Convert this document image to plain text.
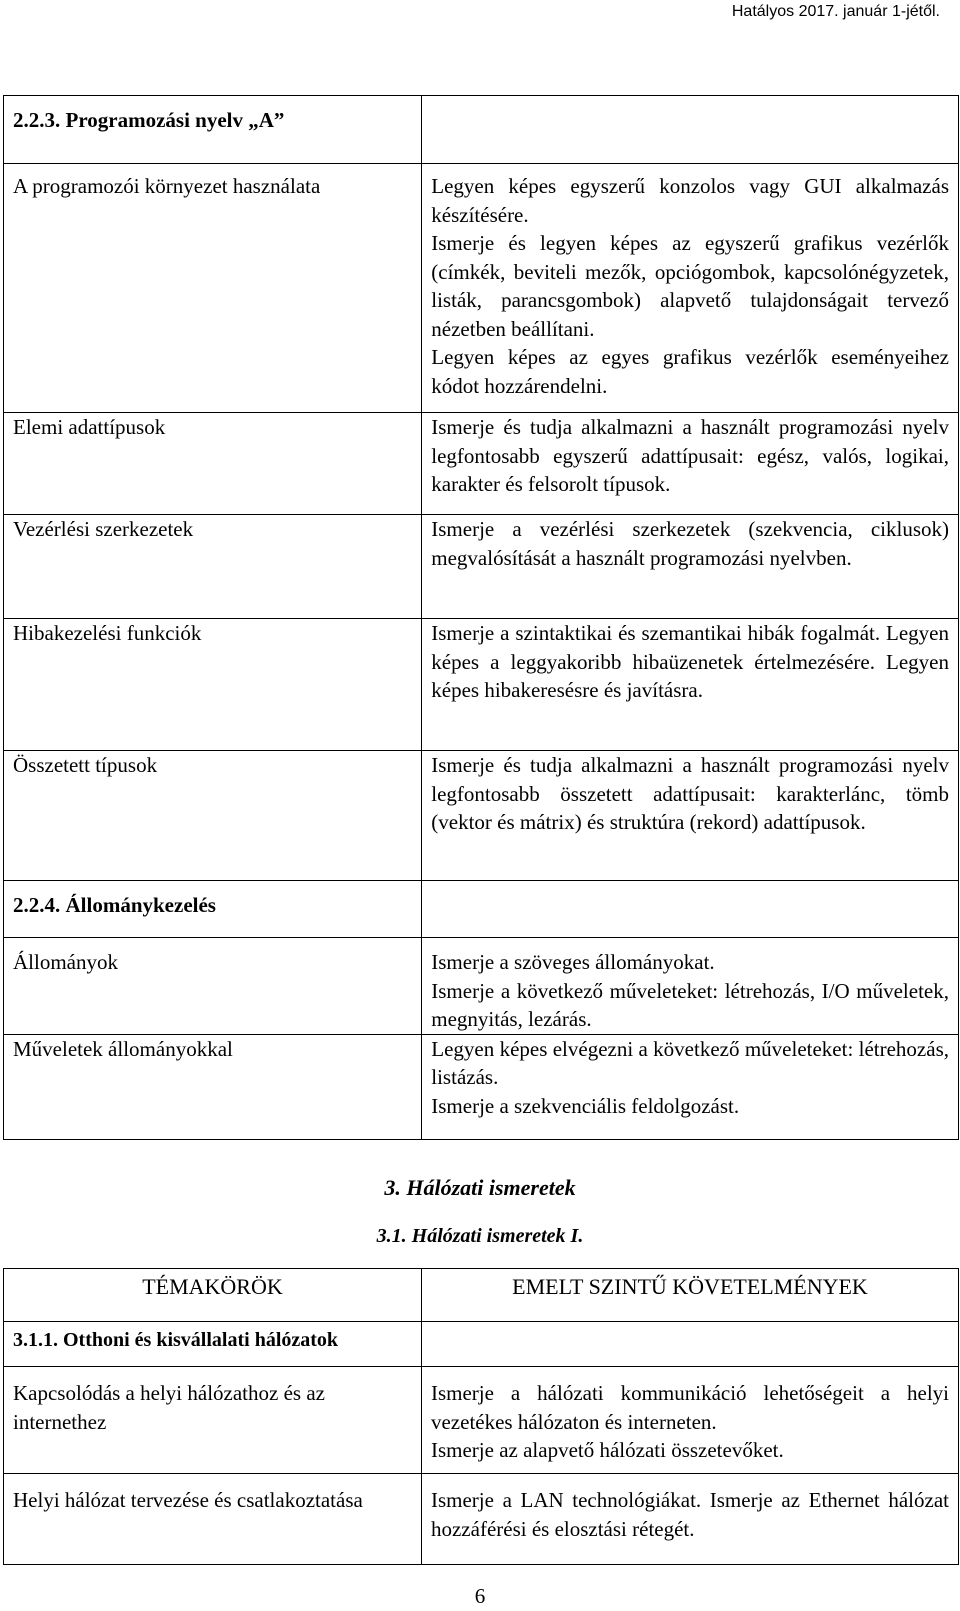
Hatályos 2017. január 1-jétől.
2.2.3. Programozási nyelv „A”	
A programozói környezet használata	Legyen képes egyszerű konzolos vagy GUI alkalmazás készítésére.
Ismerje és legyen képes az egyszerű grafikus vezérlők (címkék, beviteli mezők, opciógombok, kapcsolónégyzetek, listák, parancsgombok) alapvető tulajdonságait tervező nézetben beállítani.
Legyen képes az egyes grafikus vezérlők eseményeihez kódot hozzárendelni.

Elemi adattípusok	Ismerje és tudja alkalmazni a használt programozási nyelv legfontosabb egyszerű adattípusait: egész, valós, logikai, karakter és felsorolt típusok.

Vezérlési szerkezetek	Ismerje a vezérlési szerkezetek (szekvencia, ciklusok) megvalósítását a használt programozási nyelvben.

Hibakezelési funkciók	Ismerje a szintaktikai és szemantikai hibák fogalmát. Legyen képes a leggyakoribb hibaüzenetek értelmezésére. Legyen képes hibakeresésre és javításra.

Összetett típusok	Ismerje és tudja alkalmazni a használt programozási nyelv legfontosabb összetett adattípusait: karakterlánc, tömb (vektor és mátrix) és struktúra (rekord) adattípusok.

2.2.4. Állománykezelés	
Állományok	Ismerje a szöveges állományokat.
Ismerje a következő műveleteket: létrehozás, I/O műveletek, megnyitás, lezárás.

Műveletek állományokkal	Legyen képes elvégezni a következő műveleteket: létrehozás, listázás.
Ismerje a szekvenciális feldolgozást.
3. Hálózati ismeretek
3.1. Hálózati ismeretek I.
TÉMAKÖRÖK	EMELT SZINTŰ KÖVETELMÉNYEK
3.1.1. Otthoni és kisvállalati hálózatok	
Kapcsolódás a helyi hálózathoz és az internethez	Ismerje a hálózati kommunikáció lehetőségeit a helyi vezetékes hálózaton és interneten.
Ismerje az alapvető hálózati összetevőket.

Helyi hálózat tervezése és csatlakoztatása	Ismerje a LAN technológiákat. Ismerje az Ethernet hálózat hozzáférési és elosztási rétegét.
6
